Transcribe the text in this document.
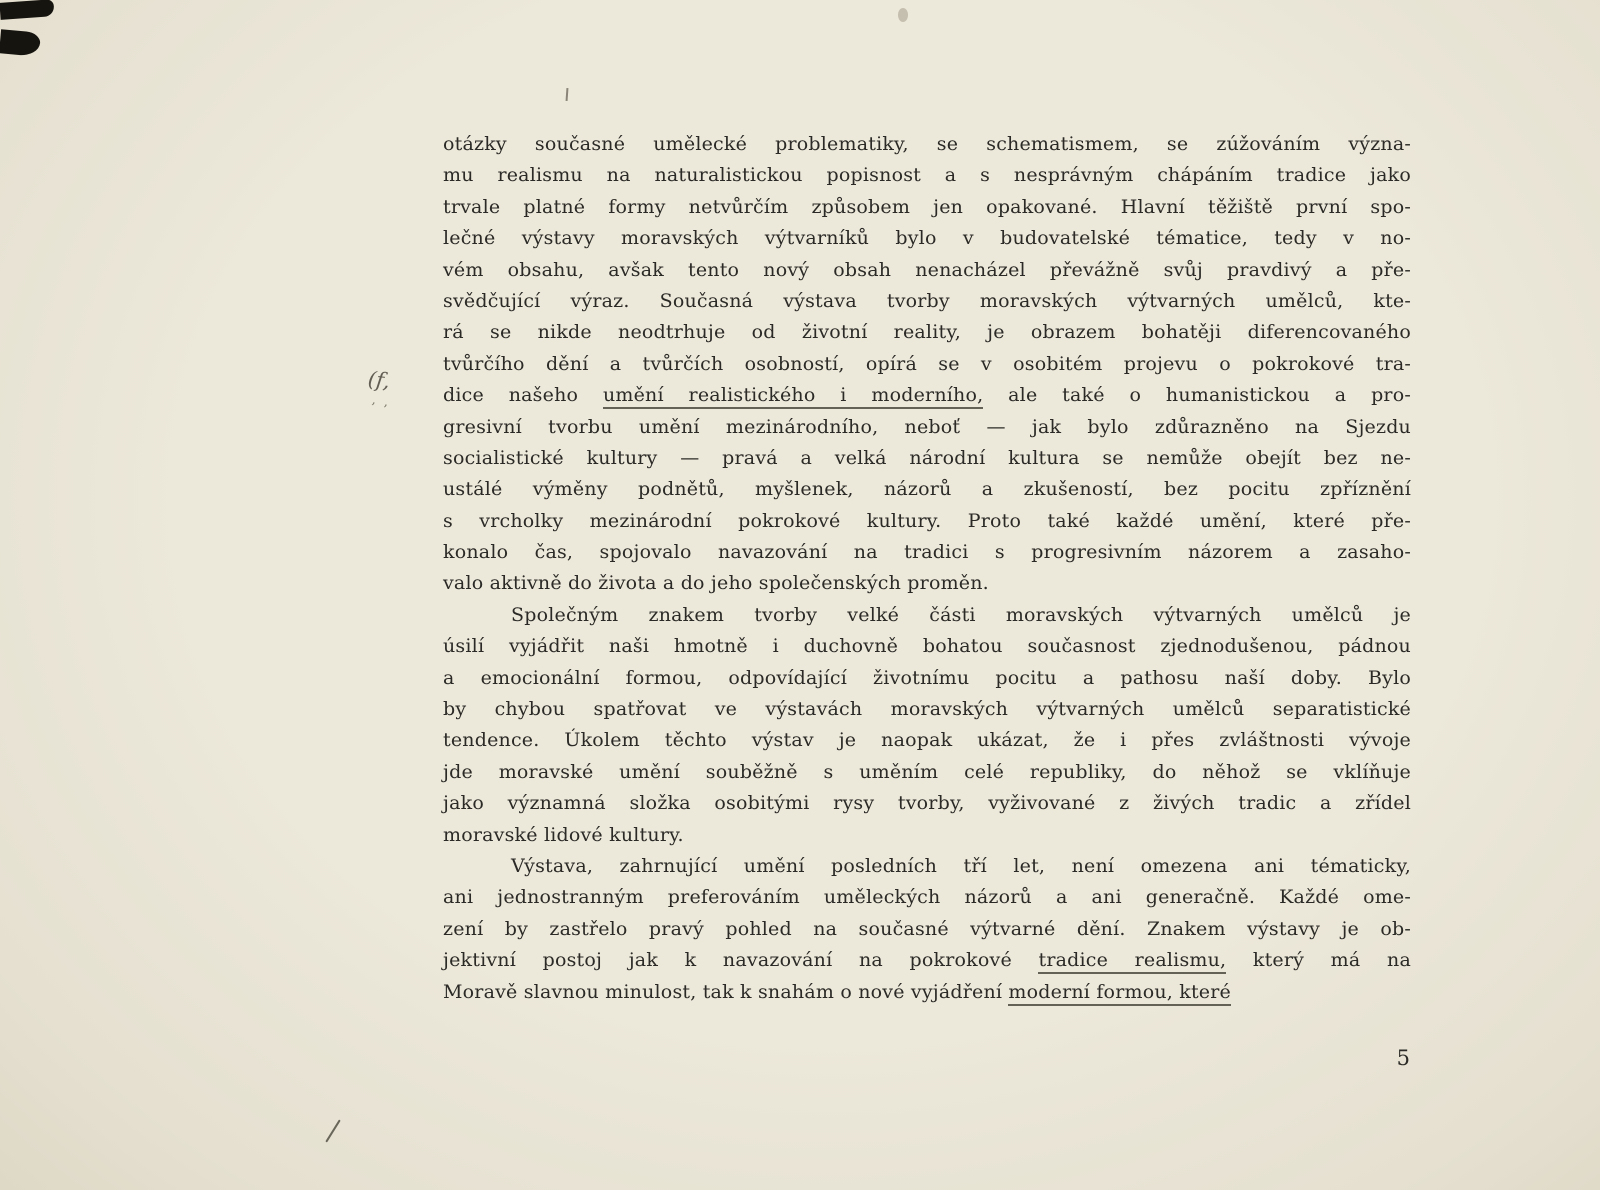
(f,
, ,
otázky současné umělecké problematiky, se schematismem, se zúžováním význa-
mu realismu na naturalistickou popisnost a s nesprávným chápáním tradice jako
trvale platné formy netvůrčím způsobem jen opakované. Hlavní těžiště první spo-
lečné výstavy moravských výtvarníků bylo v budovatelské tématice, tedy v no-
vém obsahu, avšak tento nový obsah nenacházel převážně svůj pravdivý a pře-
svědčující výraz. Současná výstava tvorby moravských výtvarných umělců, kte-
rá se nikde neodtrhuje od životní reality, je obrazem bohatěji diferencovaného
tvůrčího dění a tvůrčích osobností, opírá se v osobitém projevu o pokrokové tra-
dice našeho umění realistického i moderního, ale také o humanistickou a pro-
gresivní tvorbu umění mezinárodního, neboť — jak bylo zdůrazněno na Sjezdu
socialistické kultury — pravá a velká národní kultura se nemůže obejít bez ne-
ustálé výměny podnětů, myšlenek, názorů a zkušeností, bez pocitu zpříznění
s vrcholky mezinárodní pokrokové kultury. Proto také každé umění, které pře-
konalo čas, spojovalo navazování na tradici s progresivním názorem a zasaho-
valo aktivně do života a do jeho společenských proměn.
Společným znakem tvorby velké části moravských výtvarných umělců je
úsilí vyjádřit naši hmotně i duchovně bohatou současnost zjednodušenou, pádnou
a emocionální formou, odpovídající životnímu pocitu a pathosu naší doby. Bylo
by chybou spatřovat ve výstavách moravských výtvarných umělců separatistické
tendence. Úkolem těchto výstav je naopak ukázat, že i přes zvláštnosti vývoje
jde moravské umění souběžně s uměním celé republiky, do něhož se vklíňuje
jako významná složka osobitými rysy tvorby, vyživované z živých tradic a zřídel
moravské lidové kultury.
Výstava, zahrnující umění posledních tří let, není omezena ani tématicky,
ani jednostranným preferováním uměleckých názorů a ani generačně. Každé ome-
zení by zastřelo pravý pohled na současné výtvarné dění. Znakem výstavy je ob-
jektivní postoj jak k navazování na pokrokové tradice realismu, který má na
Moravě slavnou minulost, tak k snahám o nové vyjádření moderní formou, které
5
